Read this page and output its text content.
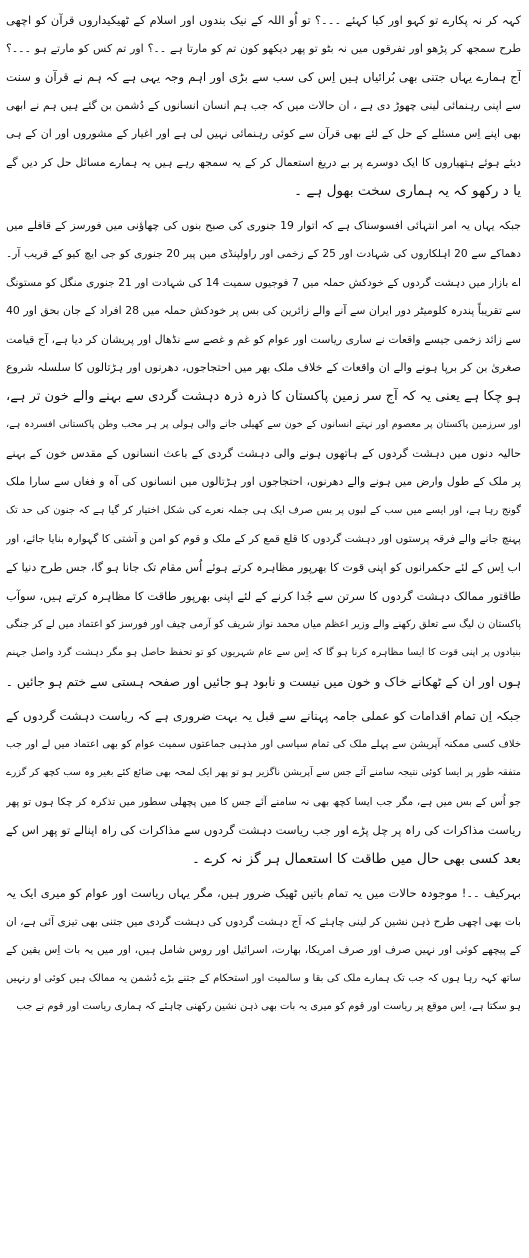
کہہ کر نہ پکارے تو کہو اور کیا کہئے ۔۔۔؟ تو اُو اللہ کے نیک بندوں اور اسلام کے ٹھیکیداروں قرآن کو اچھی
طرح سمجھ کر پڑھو اور تفرقوں میں نہ بٹو تو پھر دیکھو کون تم کو مارتا ہے ۔۔؟ اور تم کس کو مارتے ہو ۔۔۔؟
آج ہمارے یہاں جتنی بھی بُرائیاں ہیں اِس کی سب سے بڑی اور اہم وجہ یہی ہے کہ ہم نے قرآن و سنت
سے اپنی رہنمائی لینی چھوڑ دی ہے ، ان حالات میں کہ جب ہم انسان انسانوں کے دُشمن بن گئے ہیں ہم نے ابھی
بھی اپنے اِس مسئلے کے حل کے لئے بھی قرآن سے کوئی رہنمائی نہیں لی ہے اور اغیار کے مشوروں اور ان کے ہی
دیئے ہوئے ہتھیاروں کا ایک دوسرے پر بے دریغ استعمال کر کے یہ سمجھ رہے ہیں یہ ہمارے مسائل حل کر دیں گے
یا د رکھو کہ یہ ہماری سخت بھول ہے ۔
جبکہ یہاں یہ امر انتہائی افسوسناک ہے کہ اتوار 19 جنوری کی صبح بنوں کی چھاؤنی میں فورسز کے قافلے میں
دھماکے سے 20 اہلکاروں کی شہادت اور 25 کے زخمی اور راولپنڈی میں پیر 20 جنوری کو جی ایچ کیو کے قریب آر۔
اے بازار میں دہشت گردوں کے خودکش حملہ میں 7 فوجیوں سمیت 14 کی شہادت اور 21 جنوری منگل کو مستونگ
سے تقریباً پندرہ کلومیٹر دور ایران سے آنے والے زائرین کی بس پر خودکش حملہ میں 28 افراد کے جان بحق اور 40
سے زائد زخمی جیسے واقعات نے ساری ریاست اور عوام کو غم و غصے سے نڈھال اور پریشان کر دیا ہے، آج قیامت
صغریٰ بن کر برپا ہونے والے ان واقعات کے خلاف ملک بھر میں احتجاجوں، دھرنوں اور ہڑتالوں کا سلسلہ شروع
ہو چکا ہے یعنی یہ کہ آج سر زمین پاکستان کا ذرہ ذرہ دہشت گردی سے بہنے والے خون تر ہے،
اور سرزمین پاکستان پر معصوم اور نہتے انسانوں کے خون سے کھیلی جانے والی ہولی پر ہر محب وطن پاکستانی افسردہ ہے،
حالیہ دنوں میں دہشت گردوں کے ہاتھوں ہونے والی دہشت گردی کے باعث انسانوں کے مقدس خون کے بہنے
پر ملک کے طول وارض میں ہونے والے دھرنوں، احتجاجوں اور ہڑتالوں میں انسانوں کی آہ و فغاں سے سارا ملک
گونج رہا ہے، اور ایسے میں سب کے لبوں پر بس صرف ایک ہی جملہ نعرے کی شکل اختیار کر گیا ہے کہ جنون کی حد تک
پہنچ جانے والے فرقہ پرستوں اور دہشت گردوں کا قلع قمع کر کے ملک و قوم کو امن و آشتی کا گہوارہ بنایا جائے، اور
اب اِس کے لئے حکمرانوں کو اپنی قوت کا بھرپور مظاہرہ کرتے ہوئے اُس مقام تک جانا ہو گا، جس طرح دنیا کے
طاقتور ممالک دہشت گردوں کا سرتن سے جُدا کرنے کے لئے اپنی بھرپور طاقت کا مظاہرہ کرتے ہیں، سوآب
پاکستان ن لیگ سے تعلق رکھنے والے وزیر اعظم میاں محمد نواز شریف کو آرمی چیف اور فورسز کو اعتماد میں لے کر جنگی
بنیادوں پر اپنی قوت کا ایسا مظاہرہ کرنا ہو گا کہ اِس سے عام شہریوں کو تو تحفظ حاصل ہو مگر دہشت گرد واصل جہنم
ہوں اور ان کے ٹھکانے خاک و خون میں نیست و نابود ہو جائیں اور صفحہ ہستی سے ختم ہو جائیں ۔
جبکہ اِن تمام اقدامات کو عملی جامہ پہنانے سے قبل یہ بہت ضروری ہے کہ ریاست دہشت گردوں کے
خلاف کسی ممکنہ آپریشن سے پہلے ملک کی تمام سیاسی اور مذہبی جماعتوں سمیت عوام کو بھی اعتماد میں لے اور جب
متفقہ طور پر ایسا کوئی نتیجہ سامنے آئے جس سے آپریشن ناگزیر ہو تو پھر ایک لمحہ بھی ضائع کئے بغیر وہ سب کچھ کر گزرے
جو اُس کے بس میں ہے، مگر جب ایسا کچھ بھی نہ سامنے آئے جس کا میں پچھلی سطور میں تذکرہ کر چکا ہوں تو پھر
ریاست مذاکرات کی راہ پر چل پڑے اور جب ریاست دہشت گردوں سے مذاکرات کی راہ اپنالے تو پھر اس کے
بعد کسی بھی حال میں طاقت کا استعمال ہر گز نہ کرے ۔
بہرکیف ۔۔! موجودہ حالات میں یہ تمام باتیں ٹھیک ضرور ہیں، مگر یہاں ریاست اور عوام کو میری ایک یہ
بات بھی اچھی طرح ذہن نشین کر لینی چاہئے کہ آج دہشت گردوں کی دہشت گردی میں جتنی بھی تیزی آئی ہے، ان
کے پیچھے کوئی اور نہیں صرف اور صرف امریکا، بھارت، اسرائیل اور روس شامل ہیں، اور میں یہ بات اِس یقین کے
ساتھ کہہ رہا ہوں کہ جب تک ہمارے ملک کی بقا و سالمیت اور استحکام کے جتنے بڑے دُشمن یہ ممالک ہیں کوئی او رنہیں
ہو سکتا ہے، اِس موقع پر ریاست اور قوم کو میری یہ بات بھی ذہن نشین رکھنی چاہئے کہ ہماری ریاست اور قوم نے جب
